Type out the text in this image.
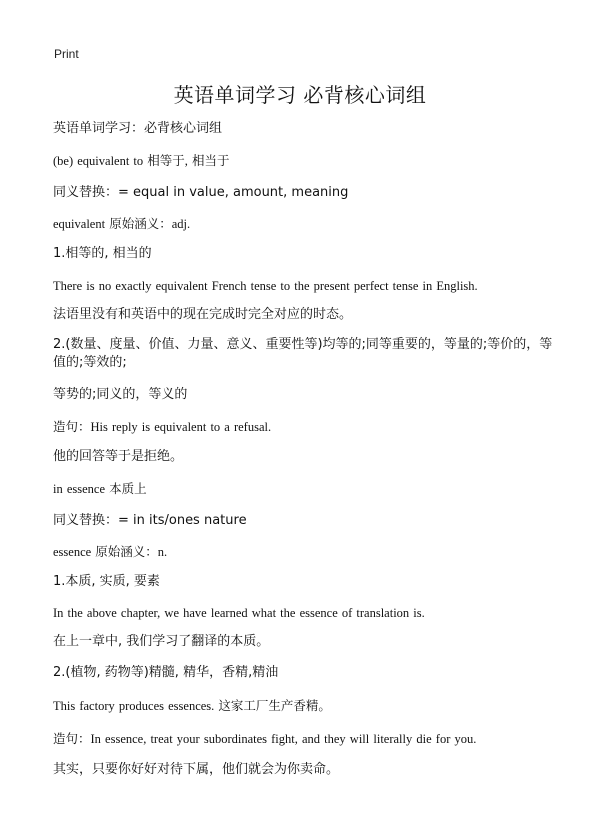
Print
英语单词学习 必背核心词组
英语单词学习：必背核心词组
(be) equivalent to 相等于, 相当于
同义替换：= equal in value, amount, meaning
equivalent 原始涵义：adj.
1.相等的, 相当的
There is no exactly equivalent French tense to the present perfect tense in English.
法语里没有和英语中的现在完成时完全对应的时态。
2.(数量、度量、价值、力量、意义、重要性等)均等的;同等重要的，等量的;等价的，等值的;等效的;
等势的;同义的，等义的
造句：His reply is equivalent to a refusal.
他的回答等于是拒绝。
in essence 本质上
同义替换：= in its/ones nature
essence 原始涵义：n.
1.本质, 实质, 要素
In the above chapter, we have learned what the essence of translation is.
在上一章中, 我们学习了翻译的本质。
2.(植物, 药物等)精髓, 精华，香精,精油
This factory produces essences. 这家工厂生产香精。
造句：In essence, treat your subordinates fight, and they will literally die for you.
其实，只要你好好对待下属，他们就会为你卖命。
